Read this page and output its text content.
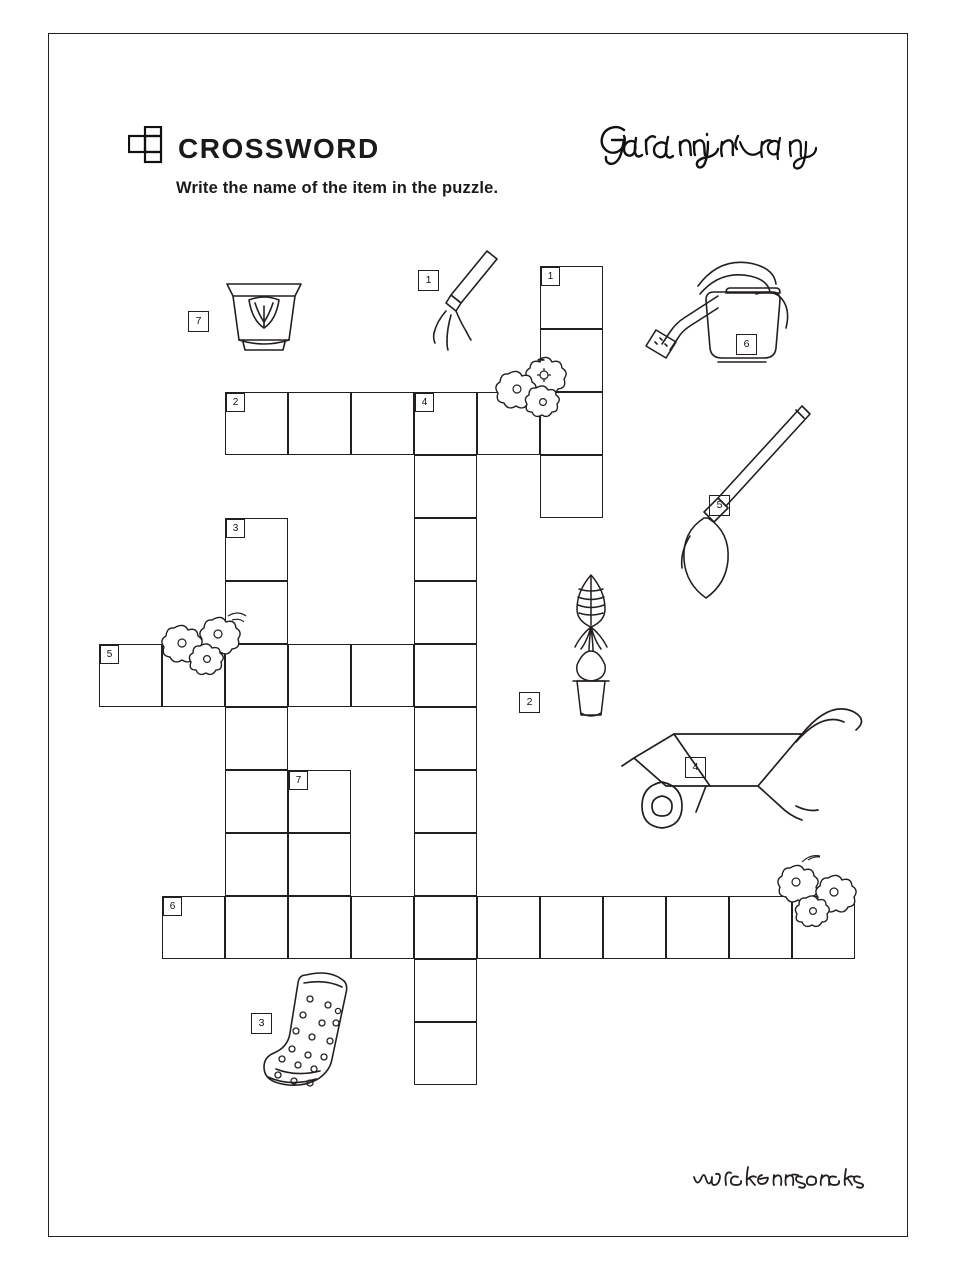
CROSSWORD
Write the name of the item in the puzzle.
1
2	4
3
5
7
6
7
1
6
5
2
4
3
